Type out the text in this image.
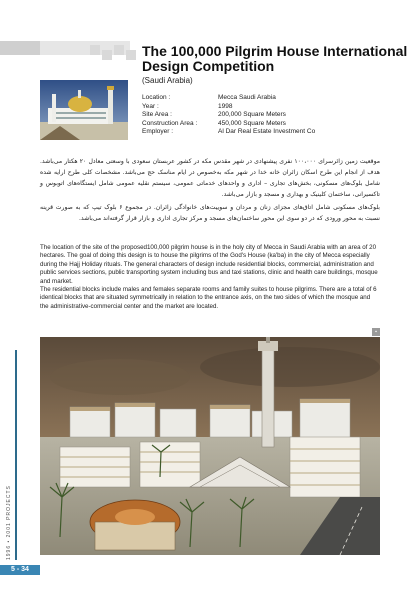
The 100,000 Pilgrim House International Design Competition
(Saudi Arabia)
Location :	Mecca Saudi Arabia
Year :	1998
Site Area :	200,000 Square Meters
Construction Area :	450,000 Square Meters
Employer :	Al Dar Real Estate Investment Co

موقعیت زمین زائرسرای ۱۰۰،۰۰۰ نفری پیشنهادی در شهر مقدس مکه در کشور عربستان سعودی با وسعتی معادل ۲۰ هکتار می‌باشد. هدف از انجام این طرح اسکان زائران خانه خدا در شهر مکه به‌خصوص در ایام مناسک حج می‌باشد. مشخصات کلی طرح ارایه شده شامل بلوک‌های مسکونی، بخش‌های تجاری – اداری و واحدهای خدماتی عمومی، سیستم نقلیه عمومی شامل ایستگاه‌های اتوبوس و تاکسیرانی، ساختمان کلینیک و بهداری و مسجد و بازار می‌باشد.

بلوک‌های مسکونی شامل اتاق‌های مجزای زنان و مردان و سوییت‌های خانوادگی زائران. در مجموع ۶ بلوک تیپ که به صورت قرینه نسبت به محور ورودی که در دو سوی این محور ساختمان‌های مسجد و مرکز تجاری اداری و بازار قرار گرفته‌اند می‌باشد.

The location of the site of the proposed100,000 pilgrim house is in the holy city of Mecca in Saudi Arabia with an area of 20 hectares. The goal of doing this design is to house the pilgrims of the God's House (ka'ba) in the city of Mecca especially during the Hajj Holiday rituals. The general characters of design include residential blocks, commercial, administration and public services sections, public transporting system including bus and taxi stations, clinic and health care buildings, mosque and market.

The residential blocks include males and females separate rooms and family suites to house pilgrims. There are a total of 6 identical blocks that are situated symmetrically in relation to the entrance axis, on the two sides of which the mosque and the administrative-commercial center and the market are located.

▪
1996 • 2001 PROJECTS
5 - 34
